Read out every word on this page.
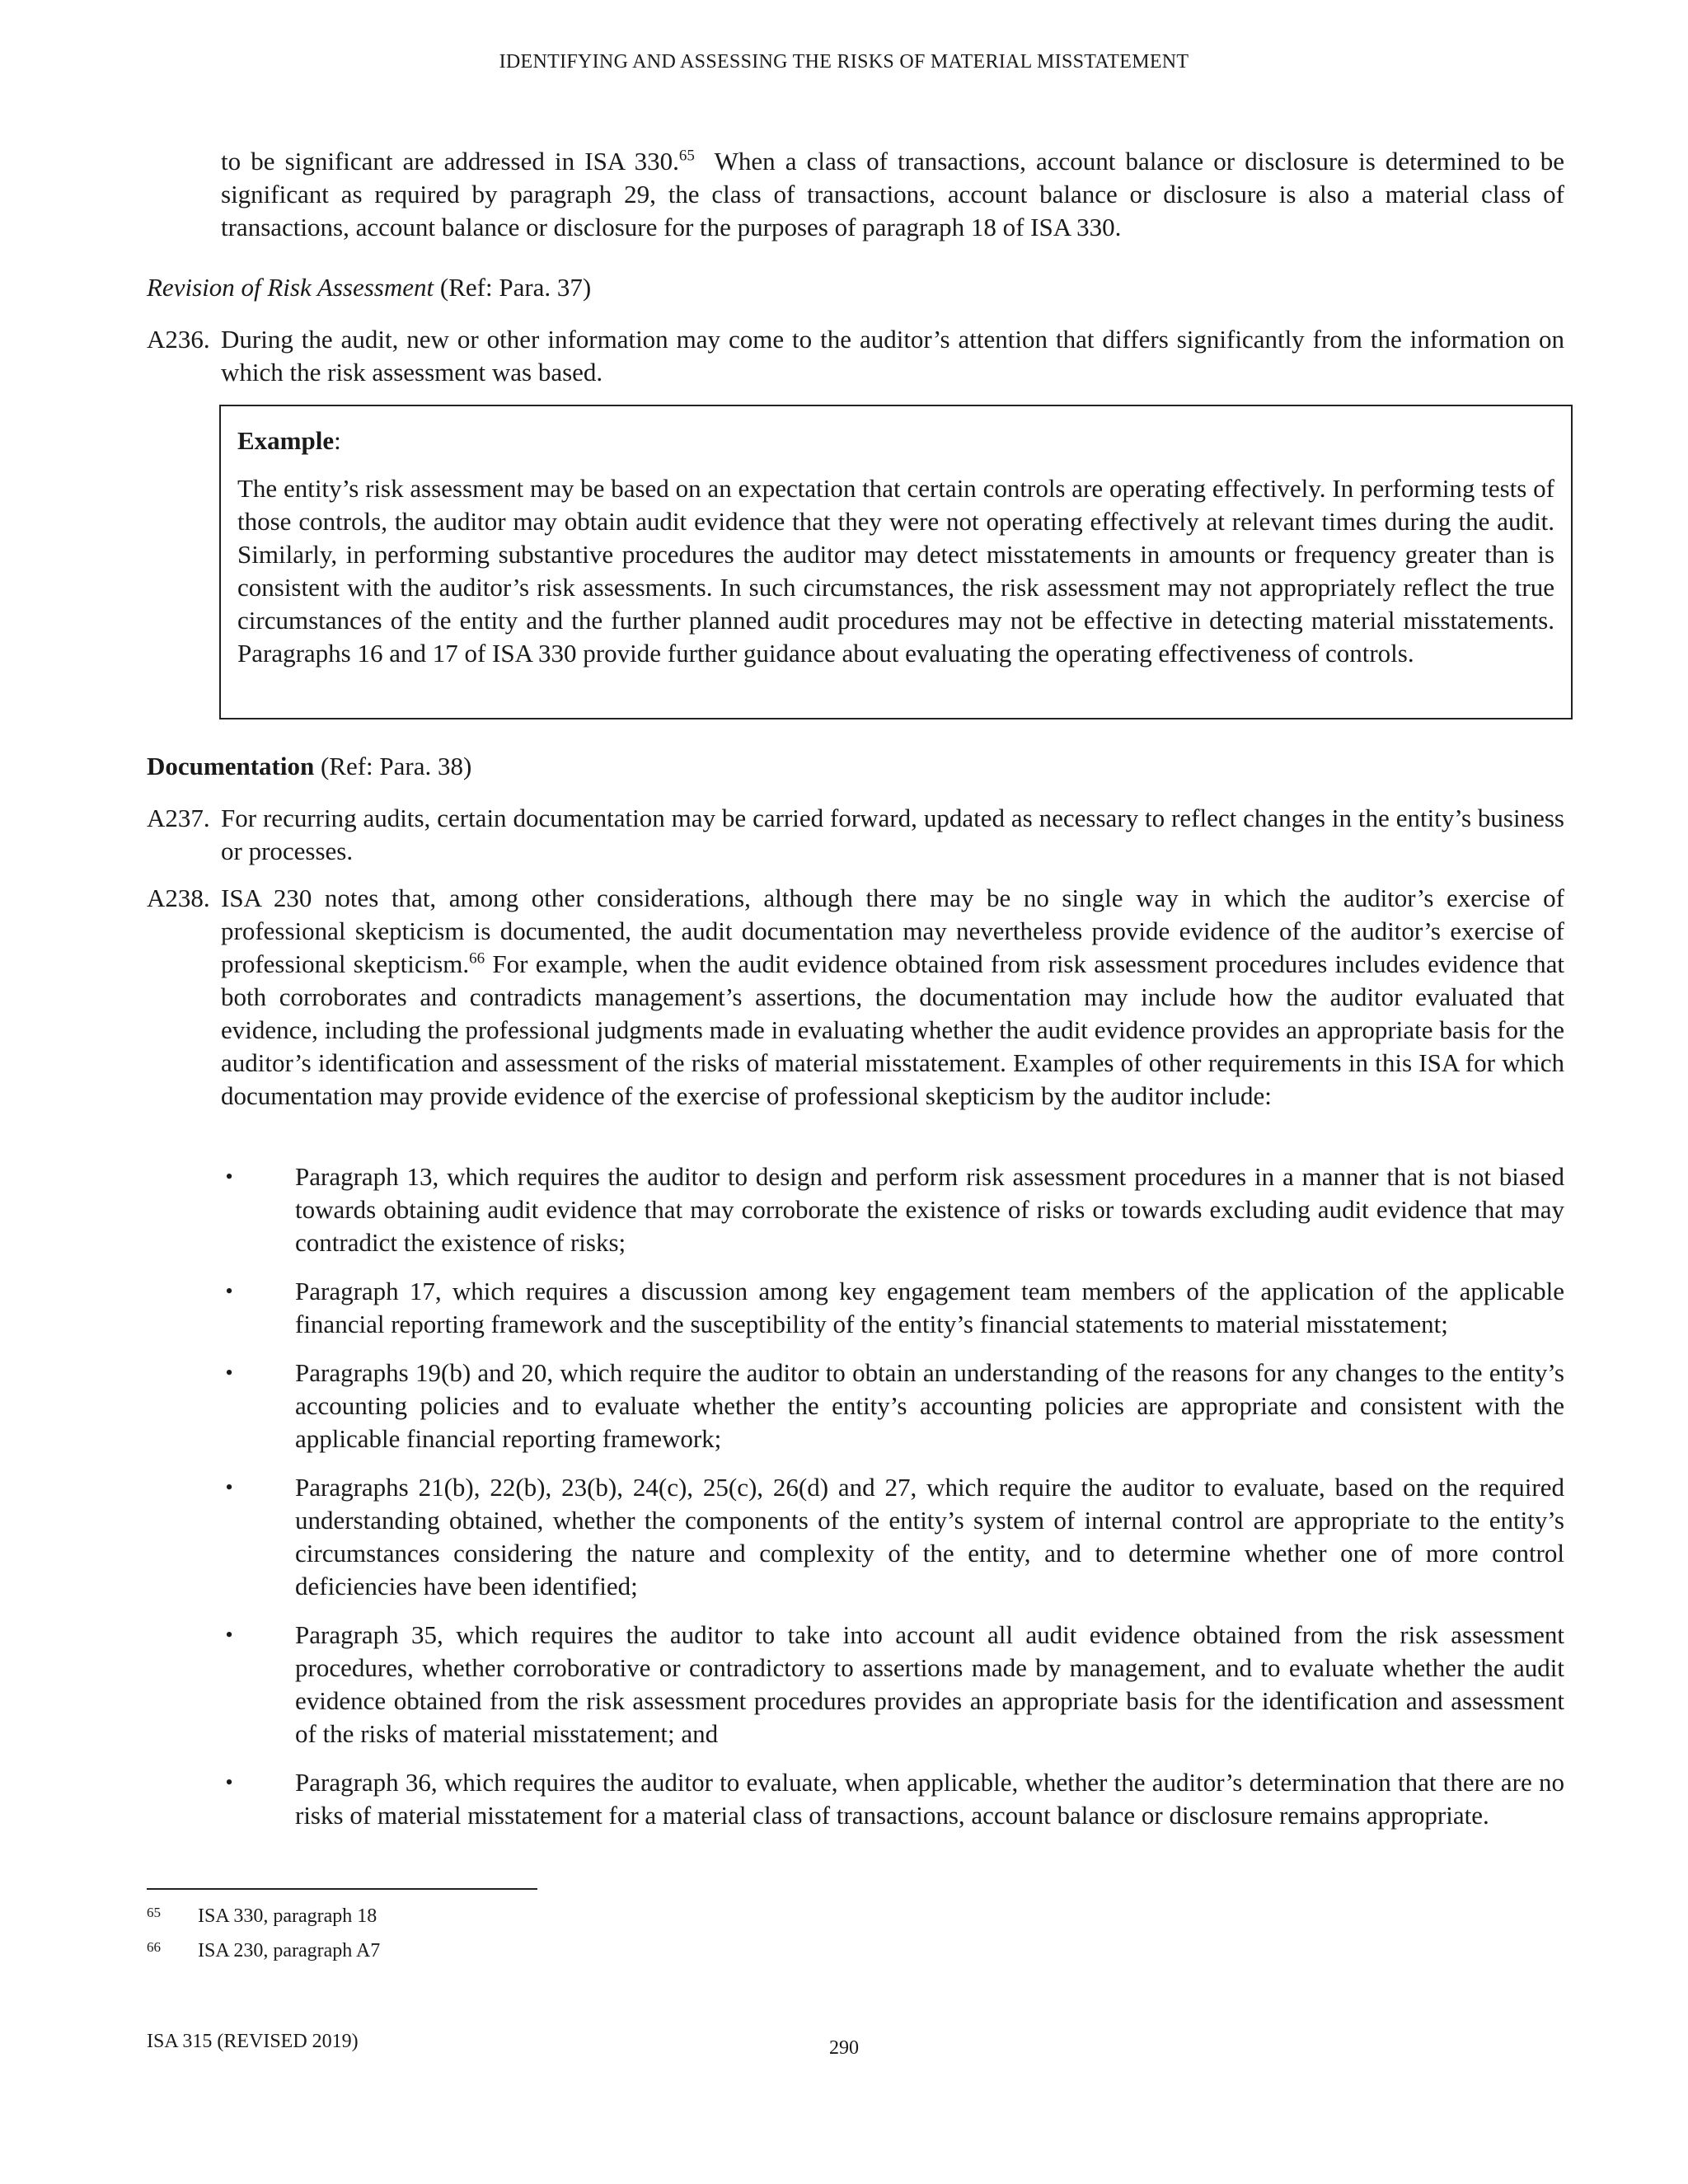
IDENTIFYING AND ASSESSING THE RISKS OF MATERIAL MISSTATEMENT
to be significant are addressed in ISA 330.65  When a class of transactions, account balance or disclosure is determined to be significant as required by paragraph 29, the class of transactions, account balance or disclosure is also a material class of transactions, account balance or disclosure for the purposes of paragraph 18 of ISA 330.
Revision of Risk Assessment (Ref: Para. 37)
A236. During the audit, new or other information may come to the auditor’s attention that differs significantly from the information on which the risk assessment was based.
Example:
The entity’s risk assessment may be based on an expectation that certain controls are operating effectively. In performing tests of those controls, the auditor may obtain audit evidence that they were not operating effectively at relevant times during the audit. Similarly, in performing substantive procedures the auditor may detect misstatements in amounts or frequency greater than is consistent with the auditor’s risk assessments. In such circumstances, the risk assessment may not appropriately reflect the true circumstances of the entity and the further planned audit procedures may not be effective in detecting material misstatements. Paragraphs 16 and 17 of ISA 330 provide further guidance about evaluating the operating effectiveness of controls.
Documentation (Ref: Para. 38)
A237. For recurring audits, certain documentation may be carried forward, updated as necessary to reflect changes in the entity’s business or processes.
A238. ISA 230 notes that, among other considerations, although there may be no single way in which the auditor’s exercise of professional skepticism is documented, the audit documentation may nevertheless provide evidence of the auditor’s exercise of professional skepticism.$^{66}$ For example, when the audit evidence obtained from risk assessment procedures includes evidence that both corroborates and contradicts management’s assertions, the documentation may include how the auditor evaluated that evidence, including the professional judgments made in evaluating whether the audit evidence provides an appropriate basis for the auditor’s identification and assessment of the risks of material misstatement. Examples of other requirements in this ISA for which documentation may provide evidence of the exercise of professional skepticism by the auditor include:
• Paragraph 13, which requires the auditor to design and perform risk assessment procedures in a manner that is not biased towards obtaining audit evidence that may corroborate the existence of risks or towards excluding audit evidence that may contradict the existence of risks;
• Paragraph 17, which requires a discussion among key engagement team members of the application of the applicable financial reporting framework and the susceptibility of the entity’s financial statements to material misstatement;
• Paragraphs 19(b) and 20, which require the auditor to obtain an understanding of the reasons for any changes to the entity’s accounting policies and to evaluate whether the entity’s accounting policies are appropriate and consistent with the applicable financial reporting framework;
• Paragraphs 21(b), 22(b), 23(b), 24(c), 25(c), 26(d) and 27, which require the auditor to evaluate, based on the required understanding obtained, whether the components of the entity’s system of internal control are appropriate to the entity’s circumstances considering the nature and complexity of the entity, and to determine whether one of more control deficiencies have been identified;
• Paragraph 35, which requires the auditor to take into account all audit evidence obtained from the risk assessment procedures, whether corroborative or contradictory to assertions made by management, and to evaluate whether the audit evidence obtained from the risk assessment procedures provides an appropriate basis for the identification and assessment of the risks of material misstatement; and
• Paragraph 36, which requires the auditor to evaluate, when applicable, whether the auditor’s determination that there are no risks of material misstatement for a material class of transactions, account balance or disclosure remains appropriate.
65 ISA 330, paragraph 18
66 ISA 230, paragraph A7
ISA 315 (REVISED 2019)	290
